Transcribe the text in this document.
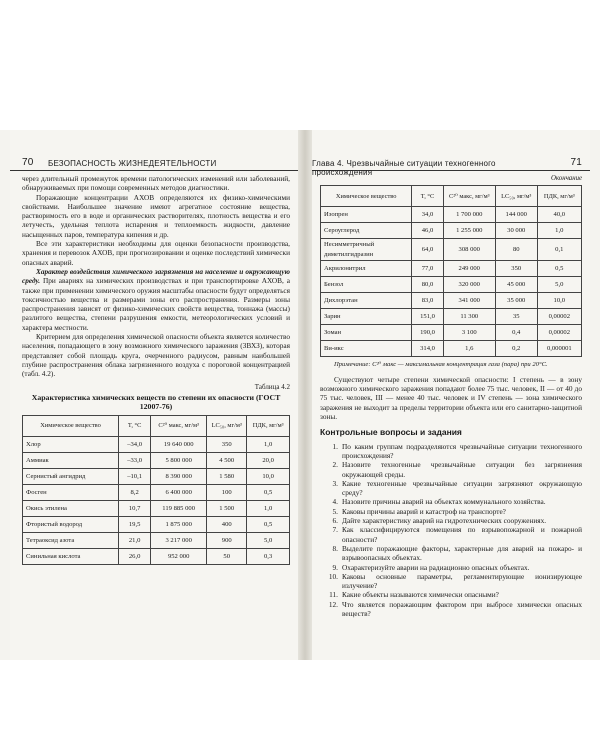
70 БЕЗОПАСНОСТЬ ЖИЗНЕДЕЯТЕЛЬНОСТИ

через длительный промежуток времени патологических изменений или заболеваний, обнаруживаемых при помощи современных методов диагностики.

Поражающие концентрации АХОВ определяются их физико-химическими свойствами. Наибольшее значение имеют агрегатное состояние вещества, растворимость его в воде и органических растворителях, плотность вещества и его летучесть, удельная теплота испарения и теплоемкость жидкости, давление насыщенных паров, температура кипения и др.

Все эти характеристики необходимы для оценки безопасности производства, хранения и перевозок АХОВ, при прогнозировании и оценке последствий химически опасных аварий.

Характер воздействия химического загрязнения на население и окружающую среду. При авариях на химических производствах и при транспортировке АХОВ, а также при применении химического оружия масштабы опасности будут определяться токсичностью вещества и размерами зоны его распространения. Размеры зоны распространения зависят от физико-химических свойств вещества, тоннажа (массы) разлитого вещества, степени разрушения емкости, метеорологических условий и характера местности.

Критерием для определения химической опасности объекта является количество населения, попадающего в зону возможного химического заражения (ЗВХЗ), которая представляет собой площадь круга, очерченного радиусом, равным наибольшей глубине распространения облака загрязненного воздуха с пороговой концентрацией (табл. 4.2).

Таблица 4.2
Характеристика химических веществ по степени их опасности (ГОСТ 12007-76)
Химическое вещество	T, °C	С²⁰ макс, мг/м³	LС₅₀, мг/м³	ПДК, мг/м³
Хлор	–34,0	19 640 000	350	1,0
Аммиак	–33,0	5 800 000	4 500	20,0
Сернистый ангидрид	–10,1	8 390 000	1 580	10,0
Фосген	8,2	6 400 000	100	0,5
Окись этилена	10,7	119 885 000	1 500	1,0
Фтористый водород	19,5	1 875 000	400	0,5
Тетраоксид азота	21,0	3 217 000	900	5,0
Синильная кислота	26,0	952 000	50	0,3
Глава 4. Чрезвычайные ситуации техногенного происхождения
71
Окончание
Химическое вещество	T, °C	С²⁰ макс, мг/м³	LС₅₀, мг/м³	ПДК, мг/м³
Изопрен	34,0	1 700 000	144 000	40,0
Сероуглерод	46,0	1 255 000	30 000	1,0
Несимметричный диметилгидразин	64,0	308 000	80	0,1
Акрилонитрил	77,0	249 000	350	0,5
Бензол	80,0	320 000	45 000	5,0
Дихлорэтан	83,0	341 000	35 000	10,0
Зарин	151,0	11 300	35	0,00002
Зоман	190,0	3 100	0,4	0,00002
Ви-икс	314,0	1,6	0,2	0,000001
Примечание: С²⁰ макс — максимальная концентрация газа (пара) при 20°С.

Существуют четыре степени химической опасности: I степень — в зону возможного химического заражения попадают более 75 тыс. человек, II — от 40 до 75 тыс. человек, III — менее 40 тыс. человек и IV степень — зона химического заражения не выходит за пределы территории объекта или его санитарно-защитной зоны.

Контрольные вопросы и задания
1. По каким группам подразделяются чрезвычайные ситуации техногенного происхождения?
2. Назовите техногенные чрезвычайные ситуации без загрязнения окружающей среды.
3. Какие техногенные чрезвычайные ситуации загрязняют окружающую среду?
4. Назовите причины аварий на объектах коммунального хозяйства.
5. Каковы причины аварий и катастроф на транспорте?
6. Дайте характеристику аварий на гидротехнических сооружениях.
7. Как классифицируются помещения по взрывопожарной и пожарной опасности?
8. Выделите поражающие факторы, характерные для аварий на пожаро- и взрывоопасных объектах.
9. Охарактеризуйте аварии на радиационно опасных объектах.
10. Каковы основные параметры, регламентирующие ионизирующее излучение?
11. Какие объекты называются химически опасными?
12. Что является поражающим фактором при выбросе химически опасных веществ?
